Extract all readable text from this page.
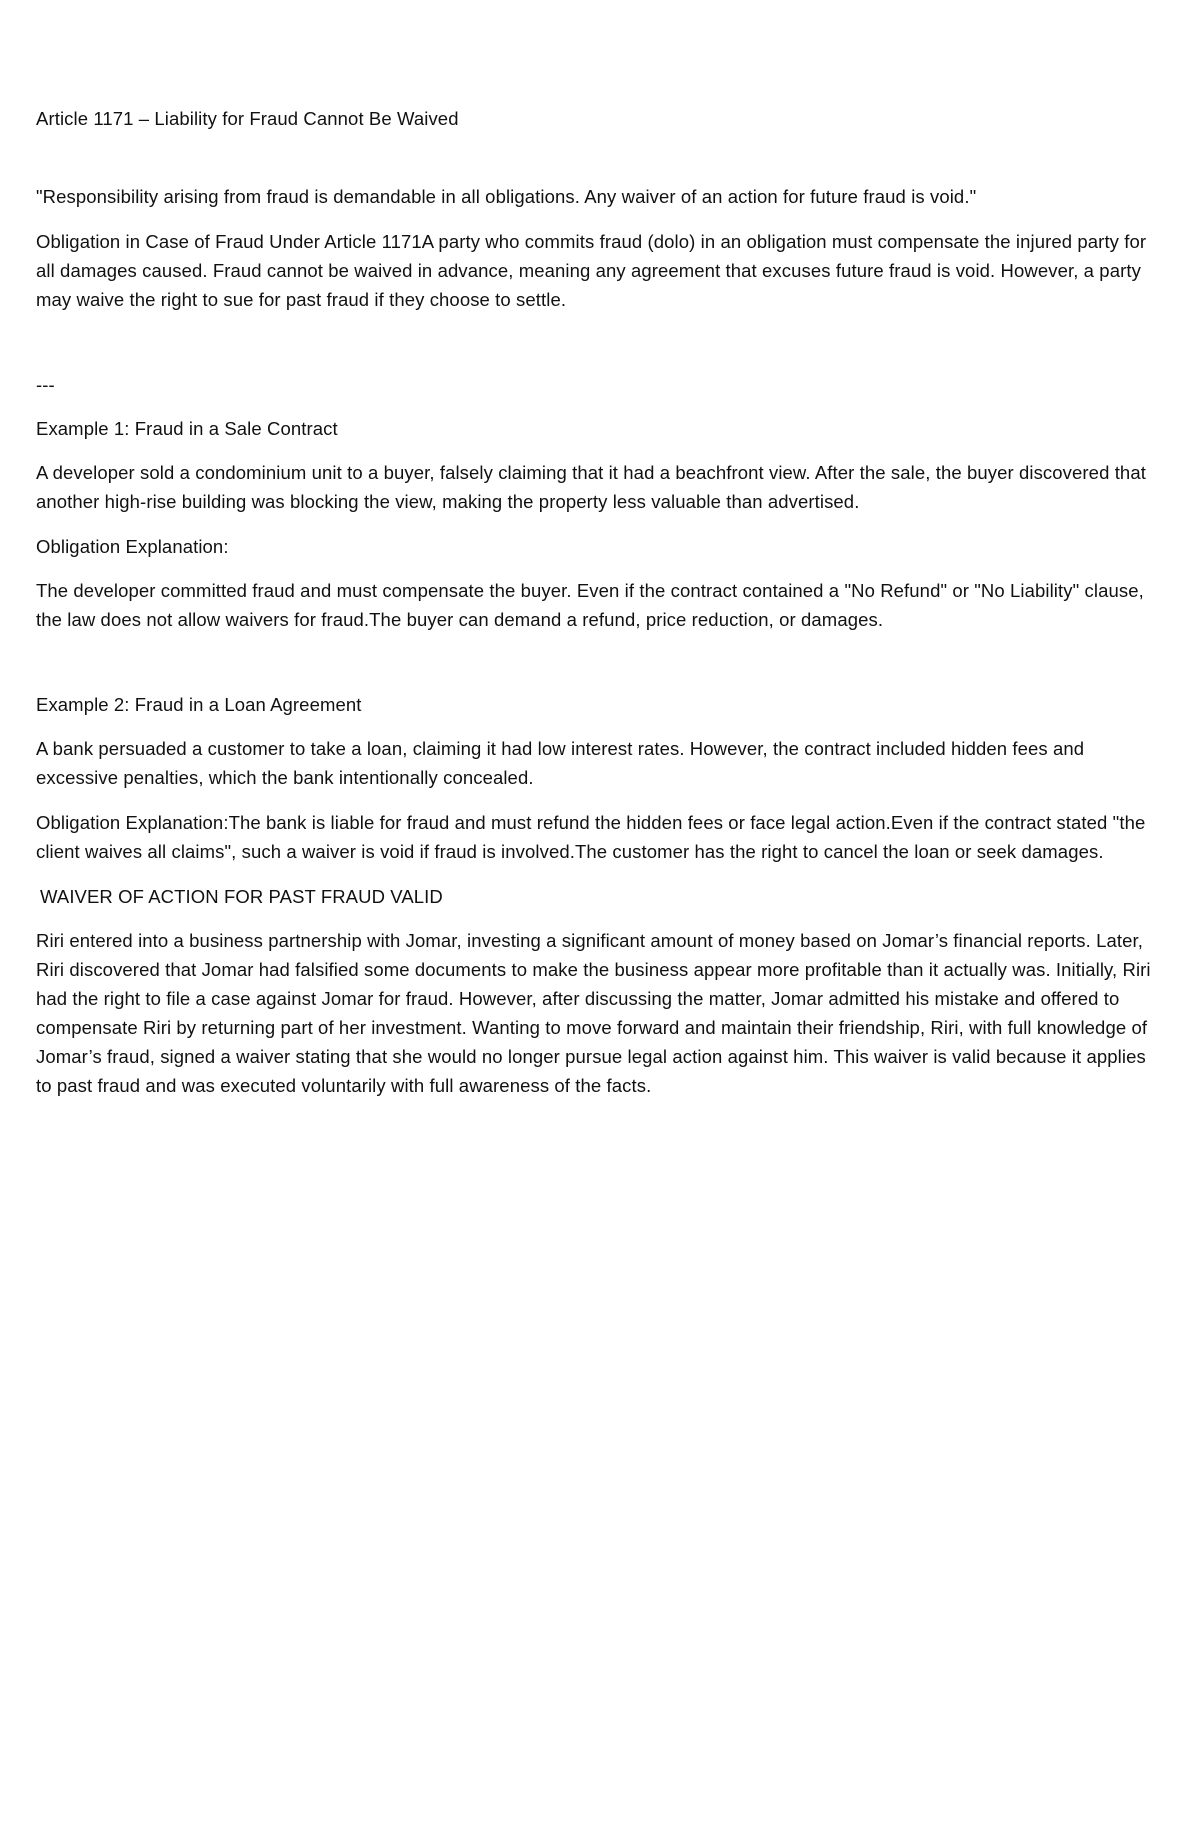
Article 1171 – Liability for Fraud Cannot Be Waived

"Responsibility arising from fraud is demandable in all obligations. Any waiver of an action for future fraud is void."

Obligation in Case of Fraud Under Article 1171A party who commits fraud (dolo) in an obligation must compensate the injured party for all damages caused. Fraud cannot be waived in advance, meaning any agreement that excuses future fraud is void. However, a party may waive the right to sue for past fraud if they choose to settle.

---

Example 1: Fraud in a Sale Contract

A developer sold a condominium unit to a buyer, falsely claiming that it had a beachfront view. After the sale, the buyer discovered that another high-rise building was blocking the view, making the property less valuable than advertised.

Obligation Explanation:

The developer committed fraud and must compensate the buyer. Even if the contract contained a "No Refund" or "No Liability" clause, the law does not allow waivers for fraud.The buyer can demand a refund, price reduction, or damages.

Example 2: Fraud in a Loan Agreement

A bank persuaded a customer to take a loan, claiming it had low interest rates. However, the contract included hidden fees and excessive penalties, which the bank intentionally concealed.

Obligation Explanation:The bank is liable for fraud and must refund the hidden fees or face legal action.Even if the contract stated "the client waives all claims", such a waiver is void if fraud is involved.The customer has the right to cancel the loan or seek damages.

WAIVER OF ACTION FOR PAST FRAUD VALID

Riri entered into a business partnership with Jomar, investing a significant amount of money based on Jomar’s financial reports. Later, Riri discovered that Jomar had falsified some documents to make the business appear more profitable than it actually was. Initially, Riri had the right to file a case against Jomar for fraud. However, after discussing the matter, Jomar admitted his mistake and offered to compensate Riri by returning part of her investment. Wanting to move forward and maintain their friendship, Riri, with full knowledge of Jomar’s fraud, signed a waiver stating that she would no longer pursue legal action against him. This waiver is valid because it applies to past fraud and was executed voluntarily with full awareness of the facts.
